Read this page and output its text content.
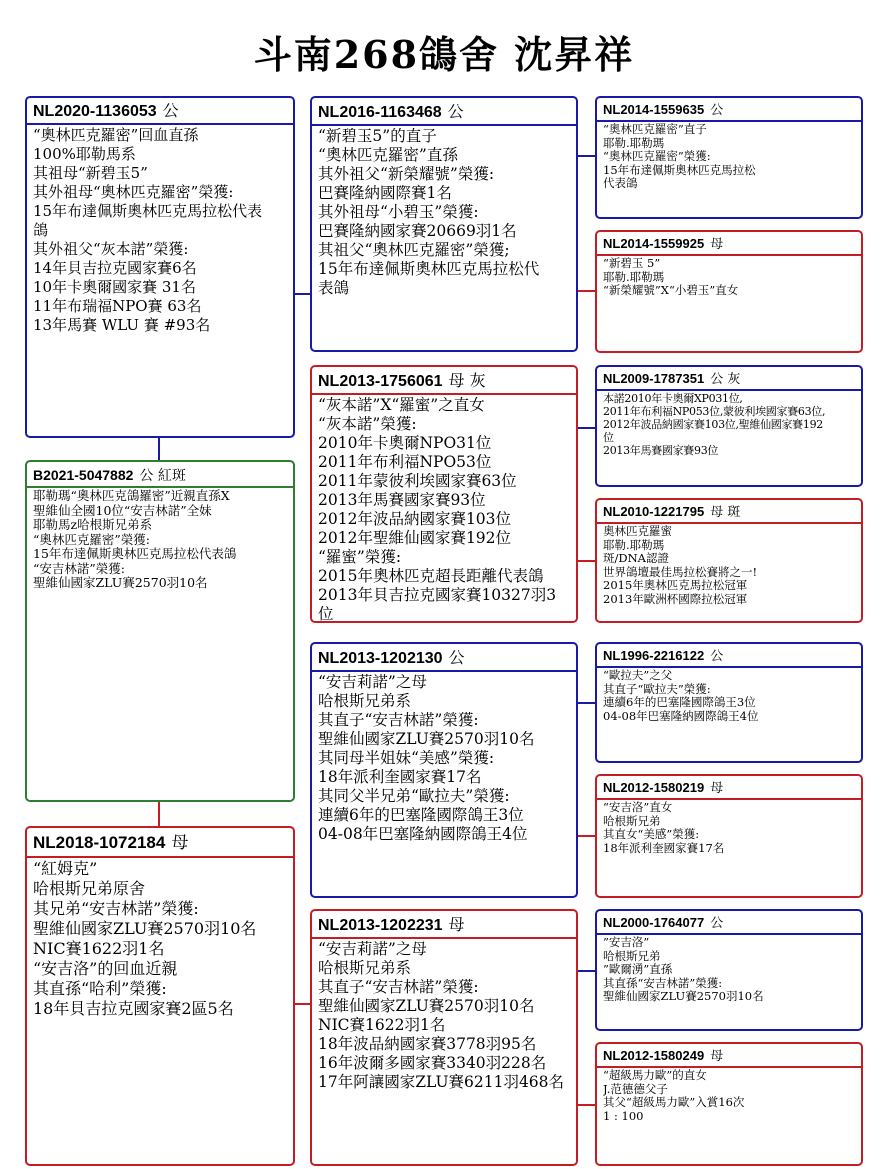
斗南268鴿舍 沈昇祥
NL2020-1136053 公
“奧林匹克羅密”回血直孫
100%耶勒馬系
其祖母“新碧玉5”
其外祖母“奧林匹克羅密”榮獲:
15年布達佩斯奧林匹克馬拉松代表
鴿
其外祖父“灰本諾”榮獲:
14年貝吉拉克國家賽6名
10年卡奧爾國家賽 31名
11年布瑞福NPO賽 63名
13年馬賽 WLU 賽 #93名
B2021-5047882 公 紅斑
耶勒瑪“奧林匹克鴿羅密”近親直孫X
聖維仙全國10位“安吉林諾”全妹
耶勒馬z哈根斯兄弟系
“奧林匹克羅密”榮獲:
15年布達佩斯奧林匹克馬拉松代表鴿
“安吉林諾”榮獲:
聖維仙國家ZLU賽2570羽10名
NL2018-1072184 母
“紅姆克”
哈根斯兄弟原舍
其兄弟“安吉林諾”榮獲:
聖維仙國家ZLU賽2570羽10名
NIC賽1622羽1名
“安吉洛”的回血近親
其直孫“哈利”榮獲:
18年貝吉拉克國家賽2區5名
NL2016-1163468 公
“新碧玉5”的直子
“奧林匹克羅密”直孫
其外祖父“新榮耀號”榮獲:
巴賽隆納國際賽1名
其外祖母“小碧玉”榮獲:
巴賽隆納國家賽20669羽1名
其祖父“奧林匹克羅密”榮獲;
15年布達佩斯奧林匹克馬拉松代
表鴿
NL2013-1756061 母 灰
“灰本諾”X“羅蜜”之直女
“灰本諾”榮獲:
2010年卡奧爾NPO31位
2011年布利福NPO53位
2011年蒙彼利埃國家賽63位
2013年馬賽國家賽93位
2012年波品納國家賽103位
2012年聖維仙國家賽192位
“羅蜜”榮獲:
2015年奧林匹克超長距離代表鴿
2013年貝吉拉克國家賽10327羽3
位
NL2013-1202130 公
“安吉莉諾”之母
哈根斯兄弟系
其直子“安吉林諾”榮獲:
聖維仙國家ZLU賽2570羽10名
其同母半姐妹“美感”榮獲:
18年派利奎國家賽17名
其同父半兄弟“歐拉夫”榮獲:
連續6年的巴塞隆國際鴿王3位
04-08年巴塞隆納國際鴿王4位
NL2013-1202231 母
“安吉莉諾”之母
哈根斯兄弟系
其直子“安吉林諾”榮獲:
聖維仙國家ZLU賽2570羽10名
NIC賽1622羽1名
18年波品納國家賽3778羽95名
16年波爾多國家賽3340羽228名
17年阿讓國家ZLU賽6211羽468名
NL2014-1559635 公
“奧林匹克羅密”直子
耶勒.耶勒瑪
“奧林匹克羅密”榮獲:
15年布達佩斯奧林匹克馬拉松
代表鴿
NL2014-1559925 母
“新碧玉 5”
耶勒.耶勒瑪
“新榮耀號”X“小碧玉”直女
NL2009-1787351 公 灰
本諾2010年卡奧爾XP031位,
2011年布利福NP053位,蒙彼利埃國家賽63位,
2012年波品納國家賽103位,聖維仙國家賽192
位
2013年馬賽國家賽93位
NL2010-1221795 母 斑
奧林匹克羅蜜
耶勒.耶勒瑪
斑/DNA認證
世界鴿壇最佳馬拉松賽將之一!
2015年奧林匹克馬拉松冠軍
2013年歐洲杯國際拉松冠軍
NL1996-2216122 公
“歐拉夫”之父
其直子“歐拉夫”榮獲:
連續6年的巴塞隆國際鴿王3位
04-08年巴塞隆納國際鴿王4位
NL2012-1580219 母
“安吉洛”直女
哈根斯兄弟
其直女“美感”榮獲:
18年派利奎國家賽17名
NL2000-1764077 公
”安吉洛”
哈根斯兄弟
”歐爾湧”直孫
其直孫“安吉林諾”榮獲:
聖維仙國家ZLU賽2570羽10名
NL2012-1580249 母
“超級馬力歐”的直女
J.范德德父子
其父“超級馬力歐”入賞16次
1 : 100
